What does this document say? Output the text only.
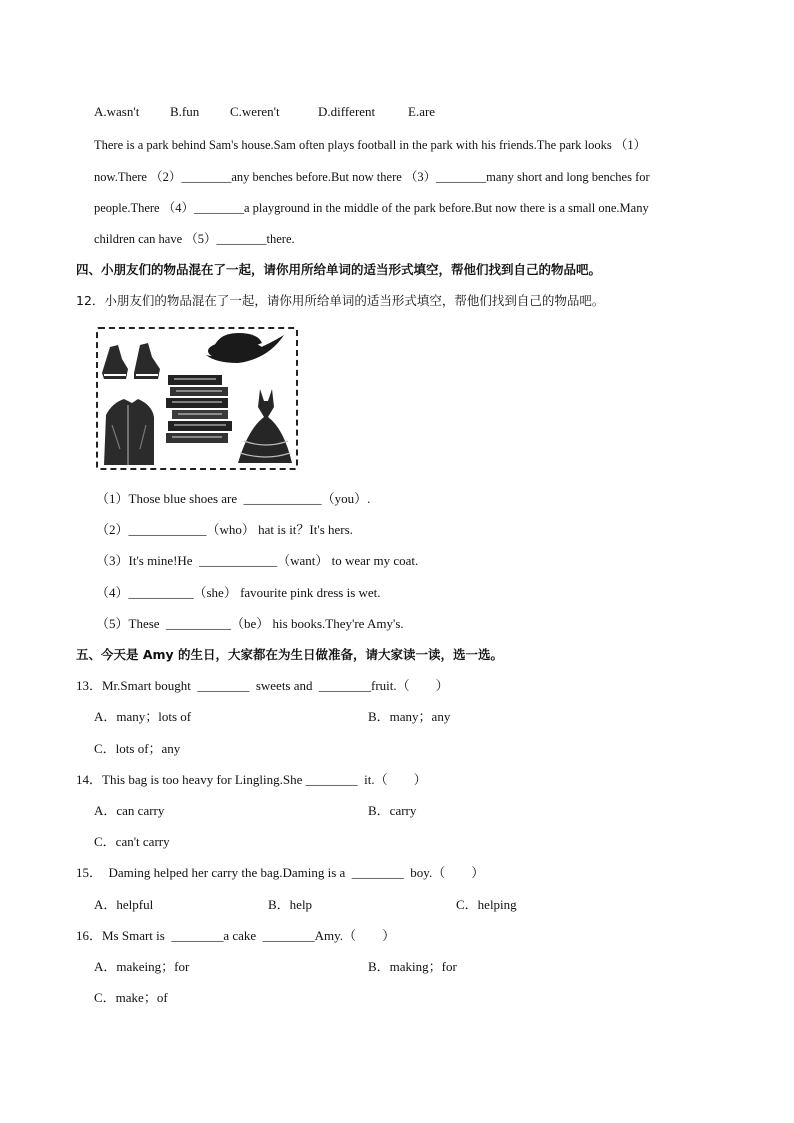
A.wasn't B.fun C.weren't	D.different	E.are
There is a park behind Sam's house.Sam often plays football in the park with his friends.The park looks （1）
now.There （2）________any benches before.But now there （3）________many short and long benches for
people.There （4）________a playground in the middle of the park before.But now there is a small one.Many
children can have （5）________there.
四、小朋友们的物品混在了一起，请你用所给单词的适当形式填空，帮他们找到自己的物品吧。
12．小朋友们的物品混在了一起，请你用所给单词的适当形式填空，帮他们找到自己的物品吧。
（1）Those blue shoes are  ____________（you）.
（2）____________（who） hat is it？It's hers.
（3）It's mine!He  ____________（want） to wear my coat.
（4）__________（she） favourite pink dress is wet.
（5）These  __________（be） his books.They're Amy's.
五、今天是 Amy 的生日，大家都在为生日做准备，请大家读一读，选一选。
13．Mr.Smart bought  ________  sweets and  ________fruit.（　　）
A．many；lots of	B．many；any
C．lots of；any
14．This bag is too heavy for Lingling.She ________  it.（　　）
A．can carry	B．carry
C．can't carry
15．  Daming helped her carry the bag.Daming is a  ________  boy.（　　）
A．helpful	B．help	C．helping
16．Ms Smart is  ________a cake  ________Amy.（　　）
A．makeing；for	B．making；for
C．make；of
